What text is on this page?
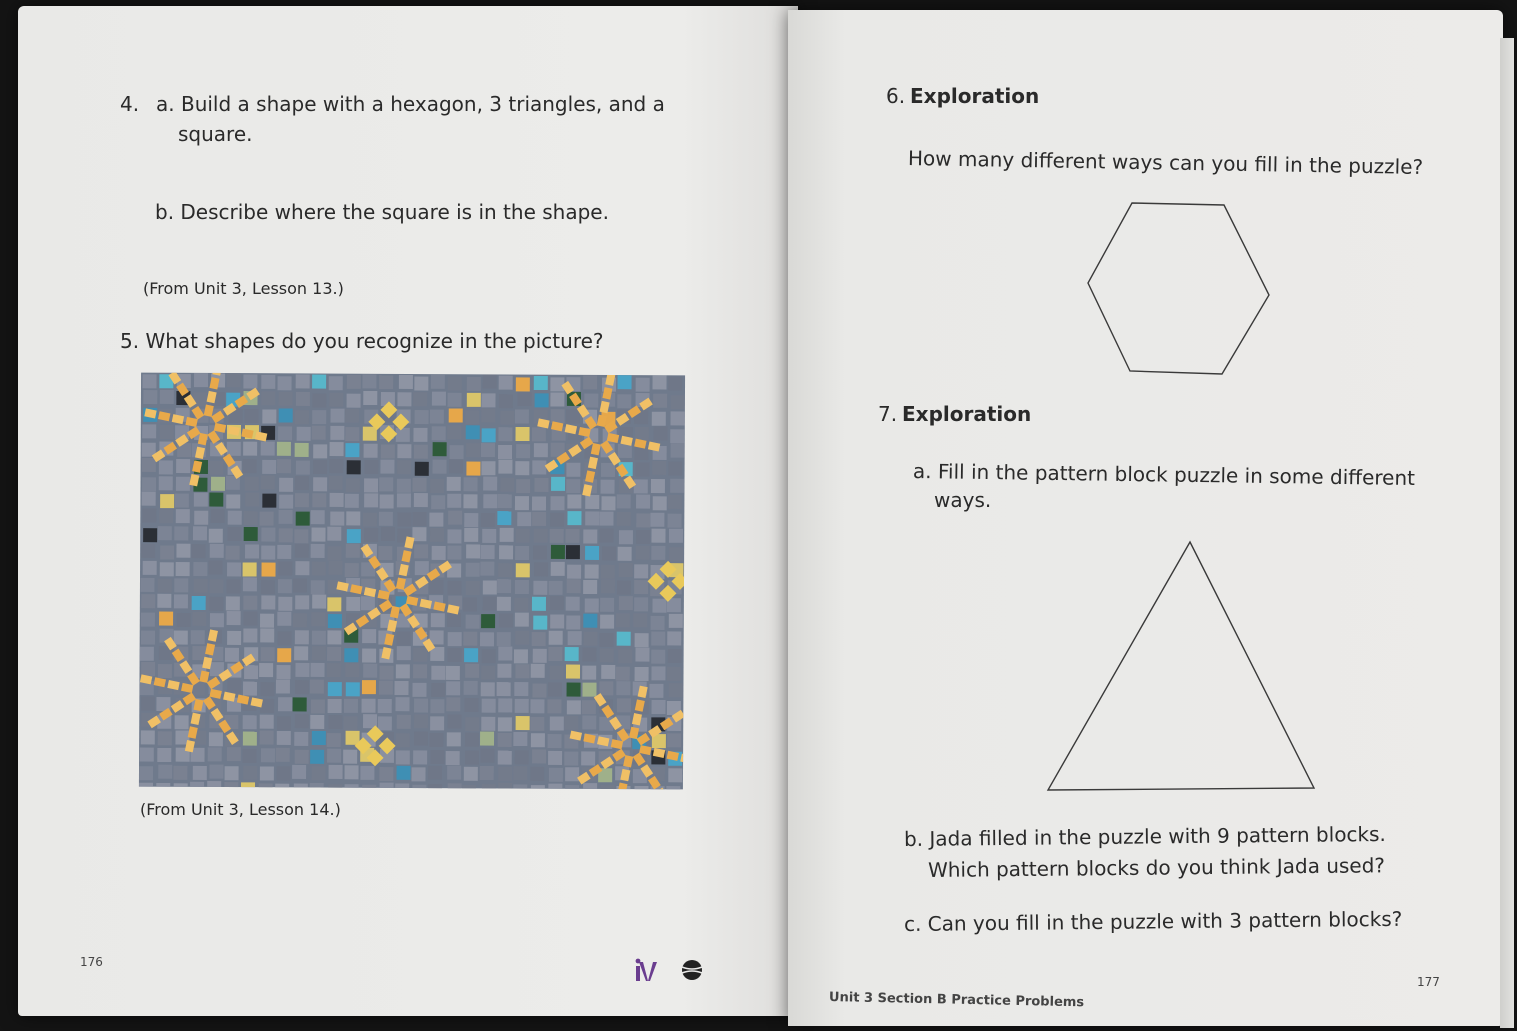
4. a. Build a shape with a hexagon, 3 triangles, and a
square.
b. Describe where the square is in the shape.
(From Unit 3, Lesson 13.)
5. What shapes do you recognize in the picture?
(From Unit 3, Lesson 14.)
176
6. Exploration
How many different ways can you fill in the puzzle?
7. Exploration
a. Fill in the pattern block puzzle in some different
ways.
b. Jada filled in the puzzle with 9 pattern blocks.
Which pattern blocks do you think Jada used?
c. Can you fill in the puzzle with 3 pattern blocks?
Unit 3 Section B Practice Problems
177
